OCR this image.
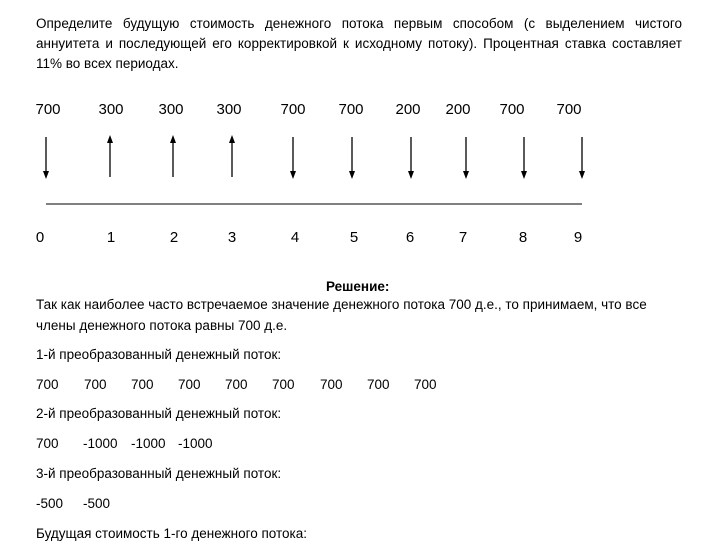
Определите будущую стоимость денежного потока первым способом (с выделением чистого аннуитета и последующей его корректировкой к исходному потоку). Процентная ставка составляет 11% во всех периодах.
700	300 300 300	700 700 200 200 700 700
0	1	2	3	4	5	6	7	8	9
Решение:
Так как наиболее часто встречаемое значение денежного потока 700 д.е., то принимаем, что все
члены денежного потока равны 700 д.е.
1-й преобразованный денежный поток:
700 700 700 700 700 700 700 700 700
2-й преобразованный денежный поток:
700 -1000 -1000 -1000
3-й преобразованный денежный поток:
-500 -500
Будущая стоимость 1-го денежного потока:
